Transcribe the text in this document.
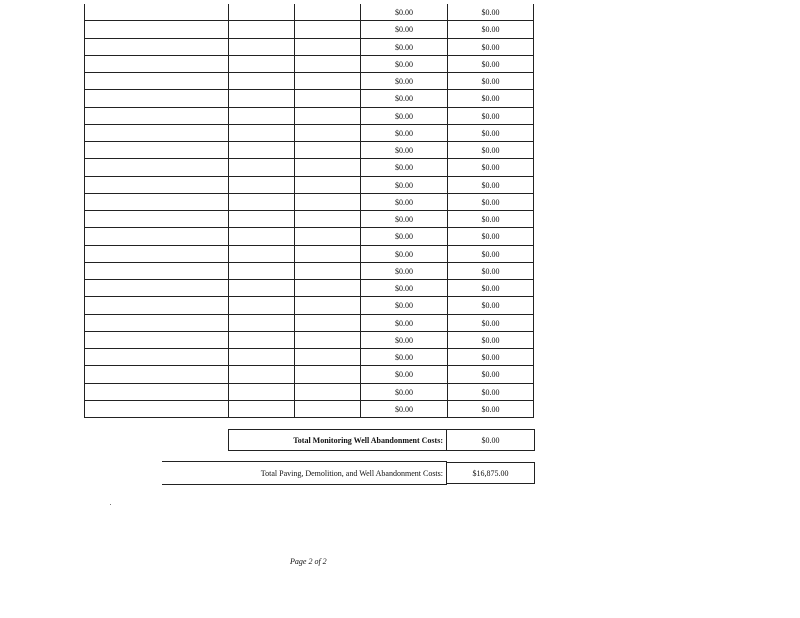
$0.00	$0.00
$0.00	$0.00
$0.00	$0.00
$0.00	$0.00
$0.00	$0.00
$0.00	$0.00
$0.00	$0.00
$0.00	$0.00
$0.00	$0.00
$0.00	$0.00
$0.00	$0.00
$0.00	$0.00
$0.00	$0.00
$0.00	$0.00
$0.00	$0.00
$0.00	$0.00
$0.00	$0.00
$0.00	$0.00
$0.00	$0.00
$0.00	$0.00
$0.00	$0.00
$0.00	$0.00
$0.00	$0.00
$0.00	$0.00
Total Monitoring Well Abandonment Costs:	$0.00
Total Paving, Demolition, and Well Abandonment Costs:	$16,875.00
Page 2 of 2
